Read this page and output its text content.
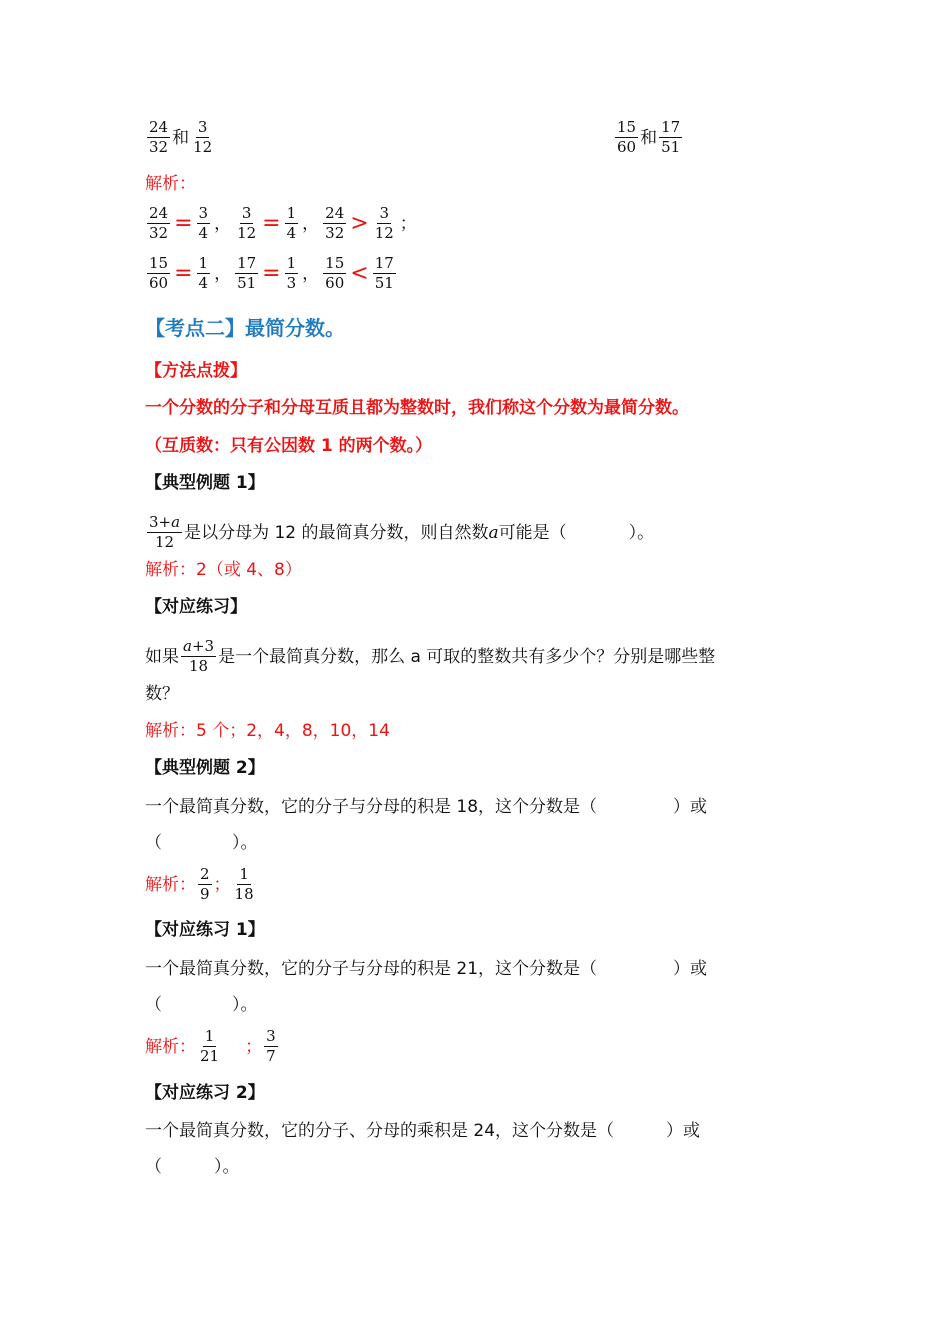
$\frac{24}{32}$ 和 $\frac{3}{12}$	$\frac{15}{60}$ 和 $\frac{17}{51}$
解析：
$\frac{24}{32} = \frac{3}{4}$ ， $\frac{3}{12} = \frac{1}{4}$ ， $\frac{24}{32} > \frac{3}{12}$ ；
$\frac{15}{60} = \frac{1}{4}$ ， $\frac{17}{51} = \frac{1}{3}$ ， $\frac{15}{60} < \frac{17}{51}$
【考点二】最简分数。
【方法点拨】
一个分数的分子和分母互质且都为整数时，我们称这个分数为最简分数。
（互质数：只有公因数 1 的两个数。）
【典型例题 1】
$\frac{3+a}{12}$ 是以分母为 12 的最简真分数，则自然数 a 可能是（	）。
解析：2（或 4、8）
【对应练习】
如果 $\frac{a+3}{18}$ 是一个最简真分数，那么 a 可取的整数共有多少个？分别是哪些整
数？
解析：5 个；2，4，8，10，14
【典型例题 2】
一个最简真分数，它的分子与分母的积是 18，这个分数是（	）或
（	）。
解析： $\frac{2}{9}$ ； $\frac{1}{18}$
【对应练习 1】
一个最简真分数，它的分子与分母的积是 21，这个分数是（	）或
（	）。
解析： $\frac{1}{21}$ ； $\frac{3}{7}$
【对应练习 2】
一个最简真分数，它的分子、分母的乘积是 24，这个分数是（	）或
（	）。
